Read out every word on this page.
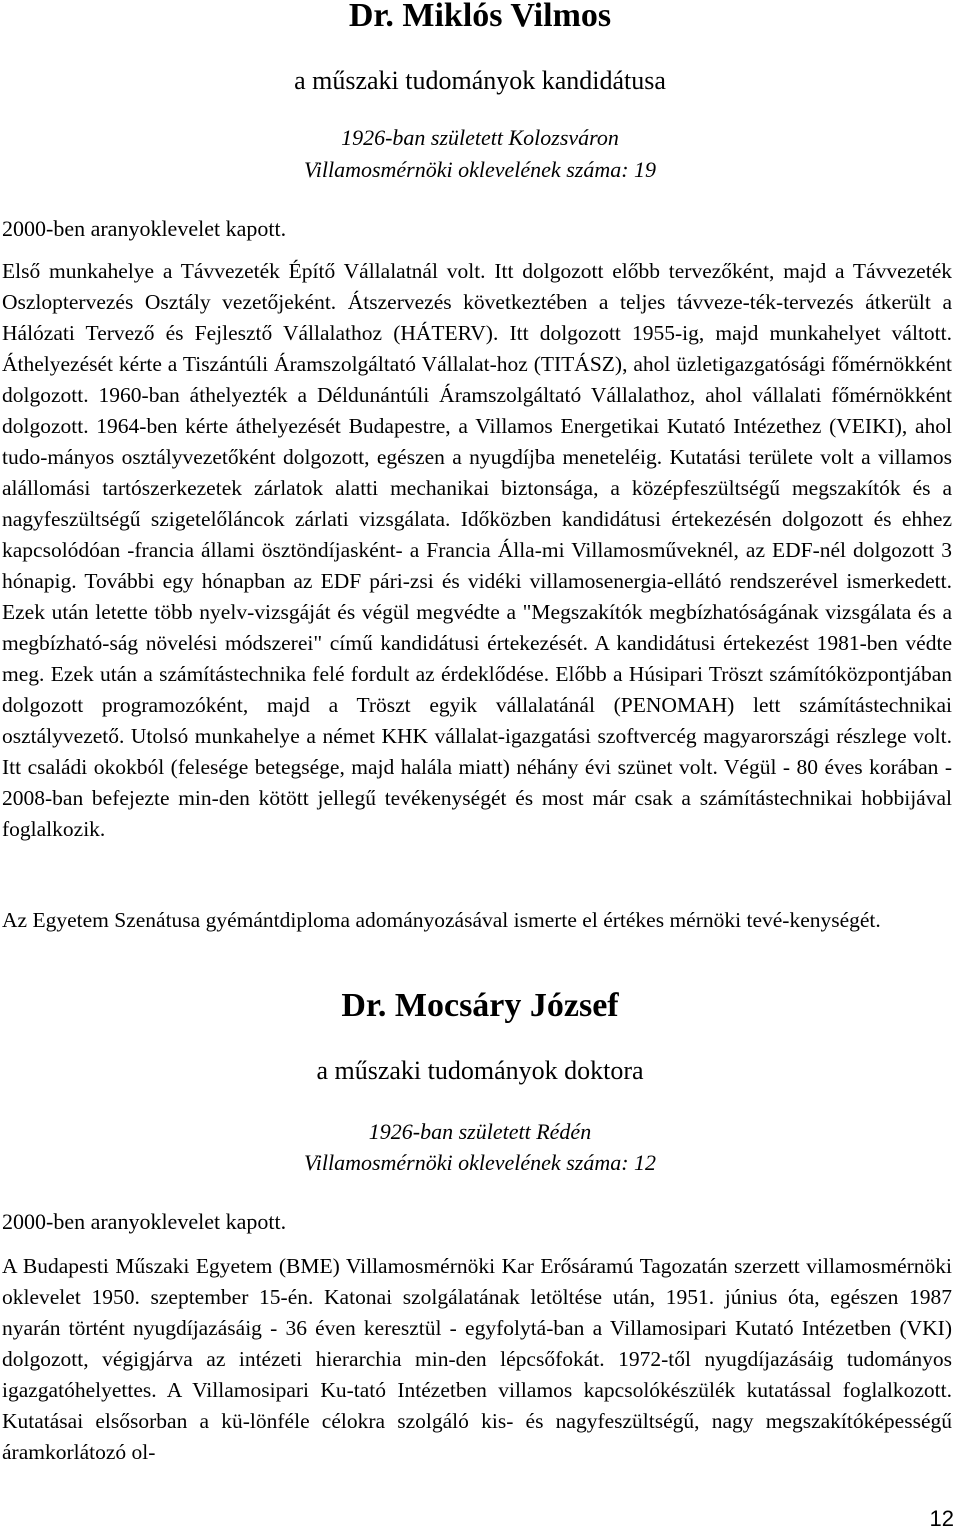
Dr. Miklós Vilmos
a műszaki tudományok kandidátusa
1926-ban született Kolozsváron
Villamosmérnöki oklevelének száma: 19
2000-ben aranyoklevelet kapott.

Első munkahelye a Távvezeték Építő Vállalatnál volt. Itt dolgozott előbb tervezőként, majd a Távvezeték Oszloptervezés Osztály vezetőjeként. Átszervezés következtében a teljes távveze-ték-tervezés átkerült a Hálózati Tervező és Fejlesztő Vállalathoz (HÁTERV). Itt dolgozott 1955-ig, majd munkahelyet váltott. Áthelyezését kérte a Tiszántúli Áramszolgáltató Vállalat-hoz (TITÁSZ), ahol üzletigazgatósági főmérnökként dolgozott. 1960-ban áthelyezték a Déldunántúli Áramszolgáltató Vállalathoz, ahol vállalati főmérnökként dolgozott. 1964-ben kérte áthelyezését Budapestre, a Villamos Energetikai Kutató Intézethez (VEIKI), ahol tudo-mányos osztályvezetőként dolgozott, egészen a nyugdíjba meneteléig. Kutatási területe volt a villamos alállomási tartószerkezetek zárlatok alatti mechanikai biztonsága, a középfeszültségű megszakítók és a nagyfeszültségű szigetelőláncok zárlati vizsgálata. Időközben kandidátusi értekezésén dolgozott és ehhez kapcsolódóan -francia állami ösztöndíjasként- a Francia Álla-mi Villamosműveknél, az EDF-nél dolgozott 3 hónapig. További egy hónapban az EDF pári-zsi és vidéki villamosenergia-ellátó rendszerével ismerkedett. Ezek után letette több nyelv-vizsgáját és végül megvédte a "Megszakítók megbízhatóságának vizsgálata és a megbízható-ság növelési módszerei" című kandidátusi értekezését. A kandidátusi értekezést 1981-ben védte meg. Ezek után a számítástechnika felé fordult az érdeklődése. Előbb a Húsipari Tröszt számítóközpontjában dolgozott programozóként, majd a Tröszt egyik vállalatánál (PENOMAH) lett számítástechnikai osztályvezető. Utolsó munkahelye a német KHK vállalat-igazgatási szoftvercég magyarországi részlege volt. Itt családi okokból (felesége betegsége, majd halála miatt) néhány évi szünet volt. Végül - 80 éves korában - 2008-ban befejezte min-den kötött jellegű tevékenységét és most már csak a számítástechnikai hobbijával foglalkozik.

Az Egyetem Szenátusa gyémántdiploma adományozásával ismerte el értékes mérnöki tevé-kenységét.

Dr. Mocsáry József
a műszaki tudományok doktora
1926-ban született Rédén
Villamosmérnöki oklevelének száma: 12
2000-ben aranyoklevelet kapott.

A Budapesti Műszaki Egyetem (BME) Villamosmérnöki Kar Erősáramú Tagozatán szerzett villamosmérnöki oklevelet 1950. szeptember 15-én. Katonai szolgálatának letöltése után, 1951. június óta, egészen 1987 nyarán történt nyugdíjazásáig - 36 éven keresztül - egyfolytá-ban a Villamosipari Kutató Intézetben (VKI) dolgozott, végigjárva az intézeti hierarchia min-den lépcsőfokát. 1972-től nyugdíjazásáig tudományos igazgatóhelyettes. A Villamosipari Ku-tató Intézetben villamos kapcsolókészülék kutatással foglalkozott. Kutatásai elsősorban a kü-lönféle célokra szolgáló kis- és nagyfeszültségű, nagy megszakítóképességű áramkorlátozó ol-

12
